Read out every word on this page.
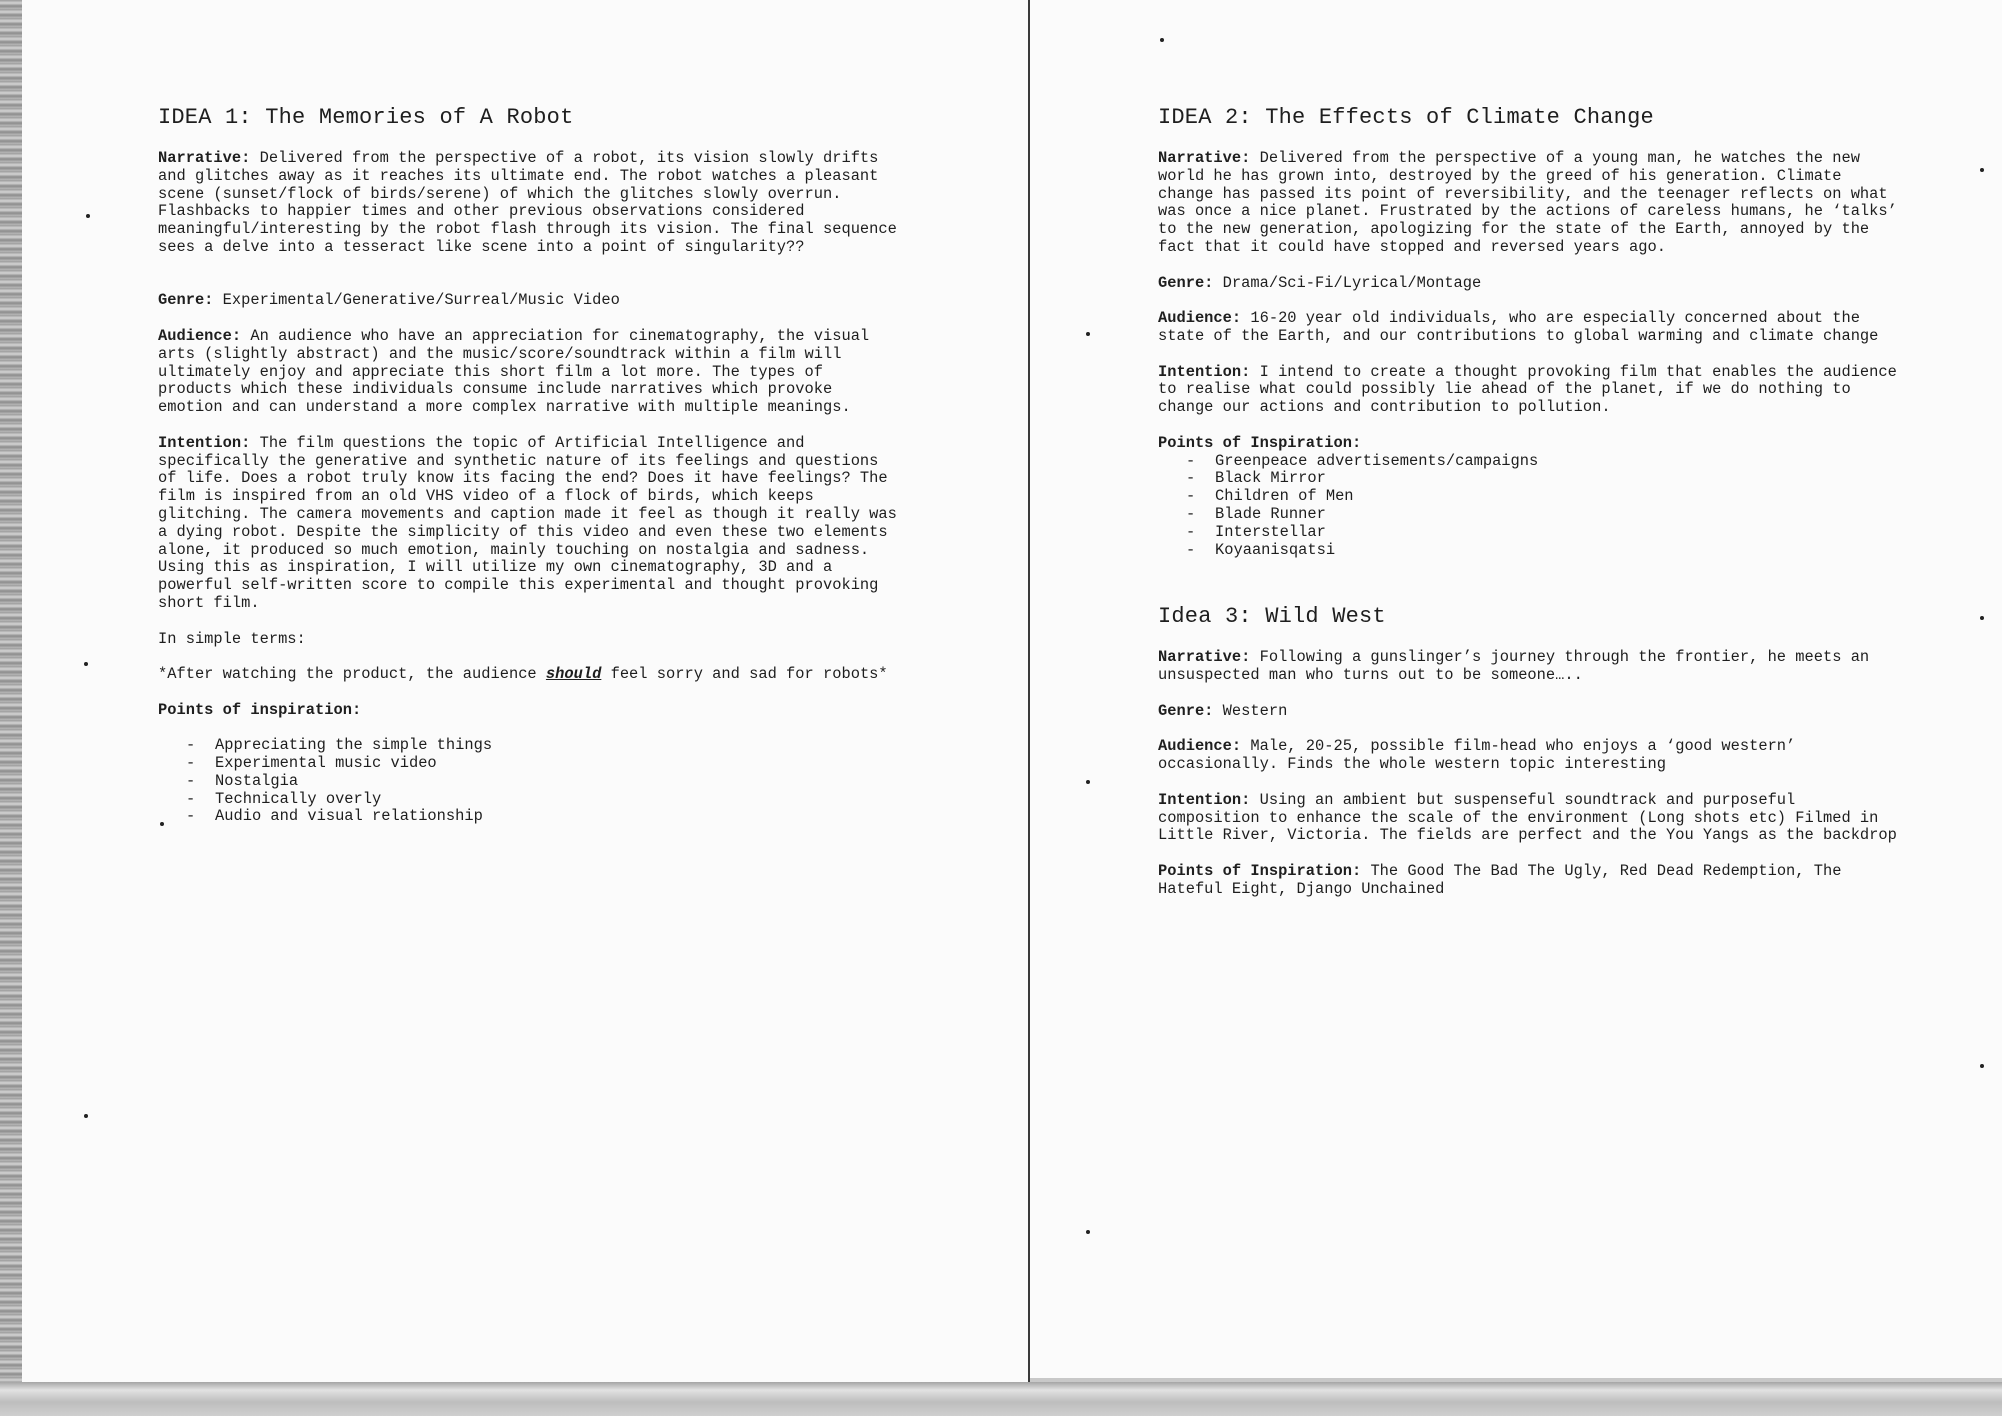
IDEA 1: The Memories of A Robot

Narrative: Delivered from the perspective of a robot, its vision slowly drifts and glitches away as it reaches its ultimate end. The robot watches a pleasant scene (sunset/flock of birds/serene) of which the glitches slowly overrun. Flashbacks to happier times and other previous observations considered meaningful/interesting by the robot flash through its vision. The final sequence sees a delve into a tesseract like scene into a point of singularity??

Genre: Experimental/Generative/Surreal/Music Video

Audience: An audience who have an appreciation for cinematography, the visual arts (slightly abstract) and the music/score/soundtrack within a film will ultimately enjoy and appreciate this short film a lot more. The types of products which these individuals consume include narratives which provoke emotion and can understand a more complex narrative with multiple meanings.

Intention: The film questions the topic of Artificial Intelligence and specifically the generative and synthetic nature of its feelings and questions of life. Does a robot truly know its facing the end? Does it have feelings? The film is inspired from an old VHS video of a flock of birds, which keeps glitching. The camera movements and caption made it feel as though it really was a dying robot. Despite the simplicity of this video and even these two elements alone, it produced so much emotion, mainly touching on nostalgia and sadness. Using this as inspiration, I will utilize my own cinematography, 3D and a powerful self-written score to compile this experimental and thought provoking short film.

In simple terms:

*After watching the product, the audience should feel sorry and sad for robots*

Points of inspiration:

- Appreciating the simple things
- Experimental music video
- Nostalgia
- Technically overly
- Audio and visual relationship
IDEA 2: The Effects of Climate Change

Narrative: Delivered from the perspective of a young man, he watches the new world he has grown into, destroyed by the greed of his generation. Climate change has passed its point of reversibility, and the teenager reflects on what was once a nice planet. Frustrated by the actions of careless humans, he ‘talks’ to the new generation, apologizing for the state of the Earth, annoyed by the fact that it could have stopped and reversed years ago.

Genre: Drama/Sci-Fi/Lyrical/Montage

Audience: 16-20 year old individuals, who are especially concerned about the state of the Earth, and our contributions to global warming and climate change

Intention: I intend to create a thought provoking film that enables the audience to realise what could possibly lie ahead of the planet, if we do nothing to change our actions and contribution to pollution.

Points of Inspiration:

- Greenpeace advertisements/campaigns
- Black Mirror
- Children of Men
- Blade Runner
- Interstellar
- Koyaanisqatsi
Idea 3: Wild West

Narrative: Following a gunslinger’s journey through the frontier, he meets an unsuspected man who turns out to be someone…..

Genre: Western

Audience: Male, 20-25, possible film-head who enjoys a ‘good western’ occasionally. Finds the whole western topic interesting

Intention: Using an ambient but suspenseful soundtrack and purposeful composition to enhance the scale of the environment (Long shots etc) Filmed in Little River, Victoria. The fields are perfect and the You Yangs as the backdrop

Points of Inspiration: The Good The Bad The Ugly, Red Dead Redemption, The Hateful Eight, Django Unchained
